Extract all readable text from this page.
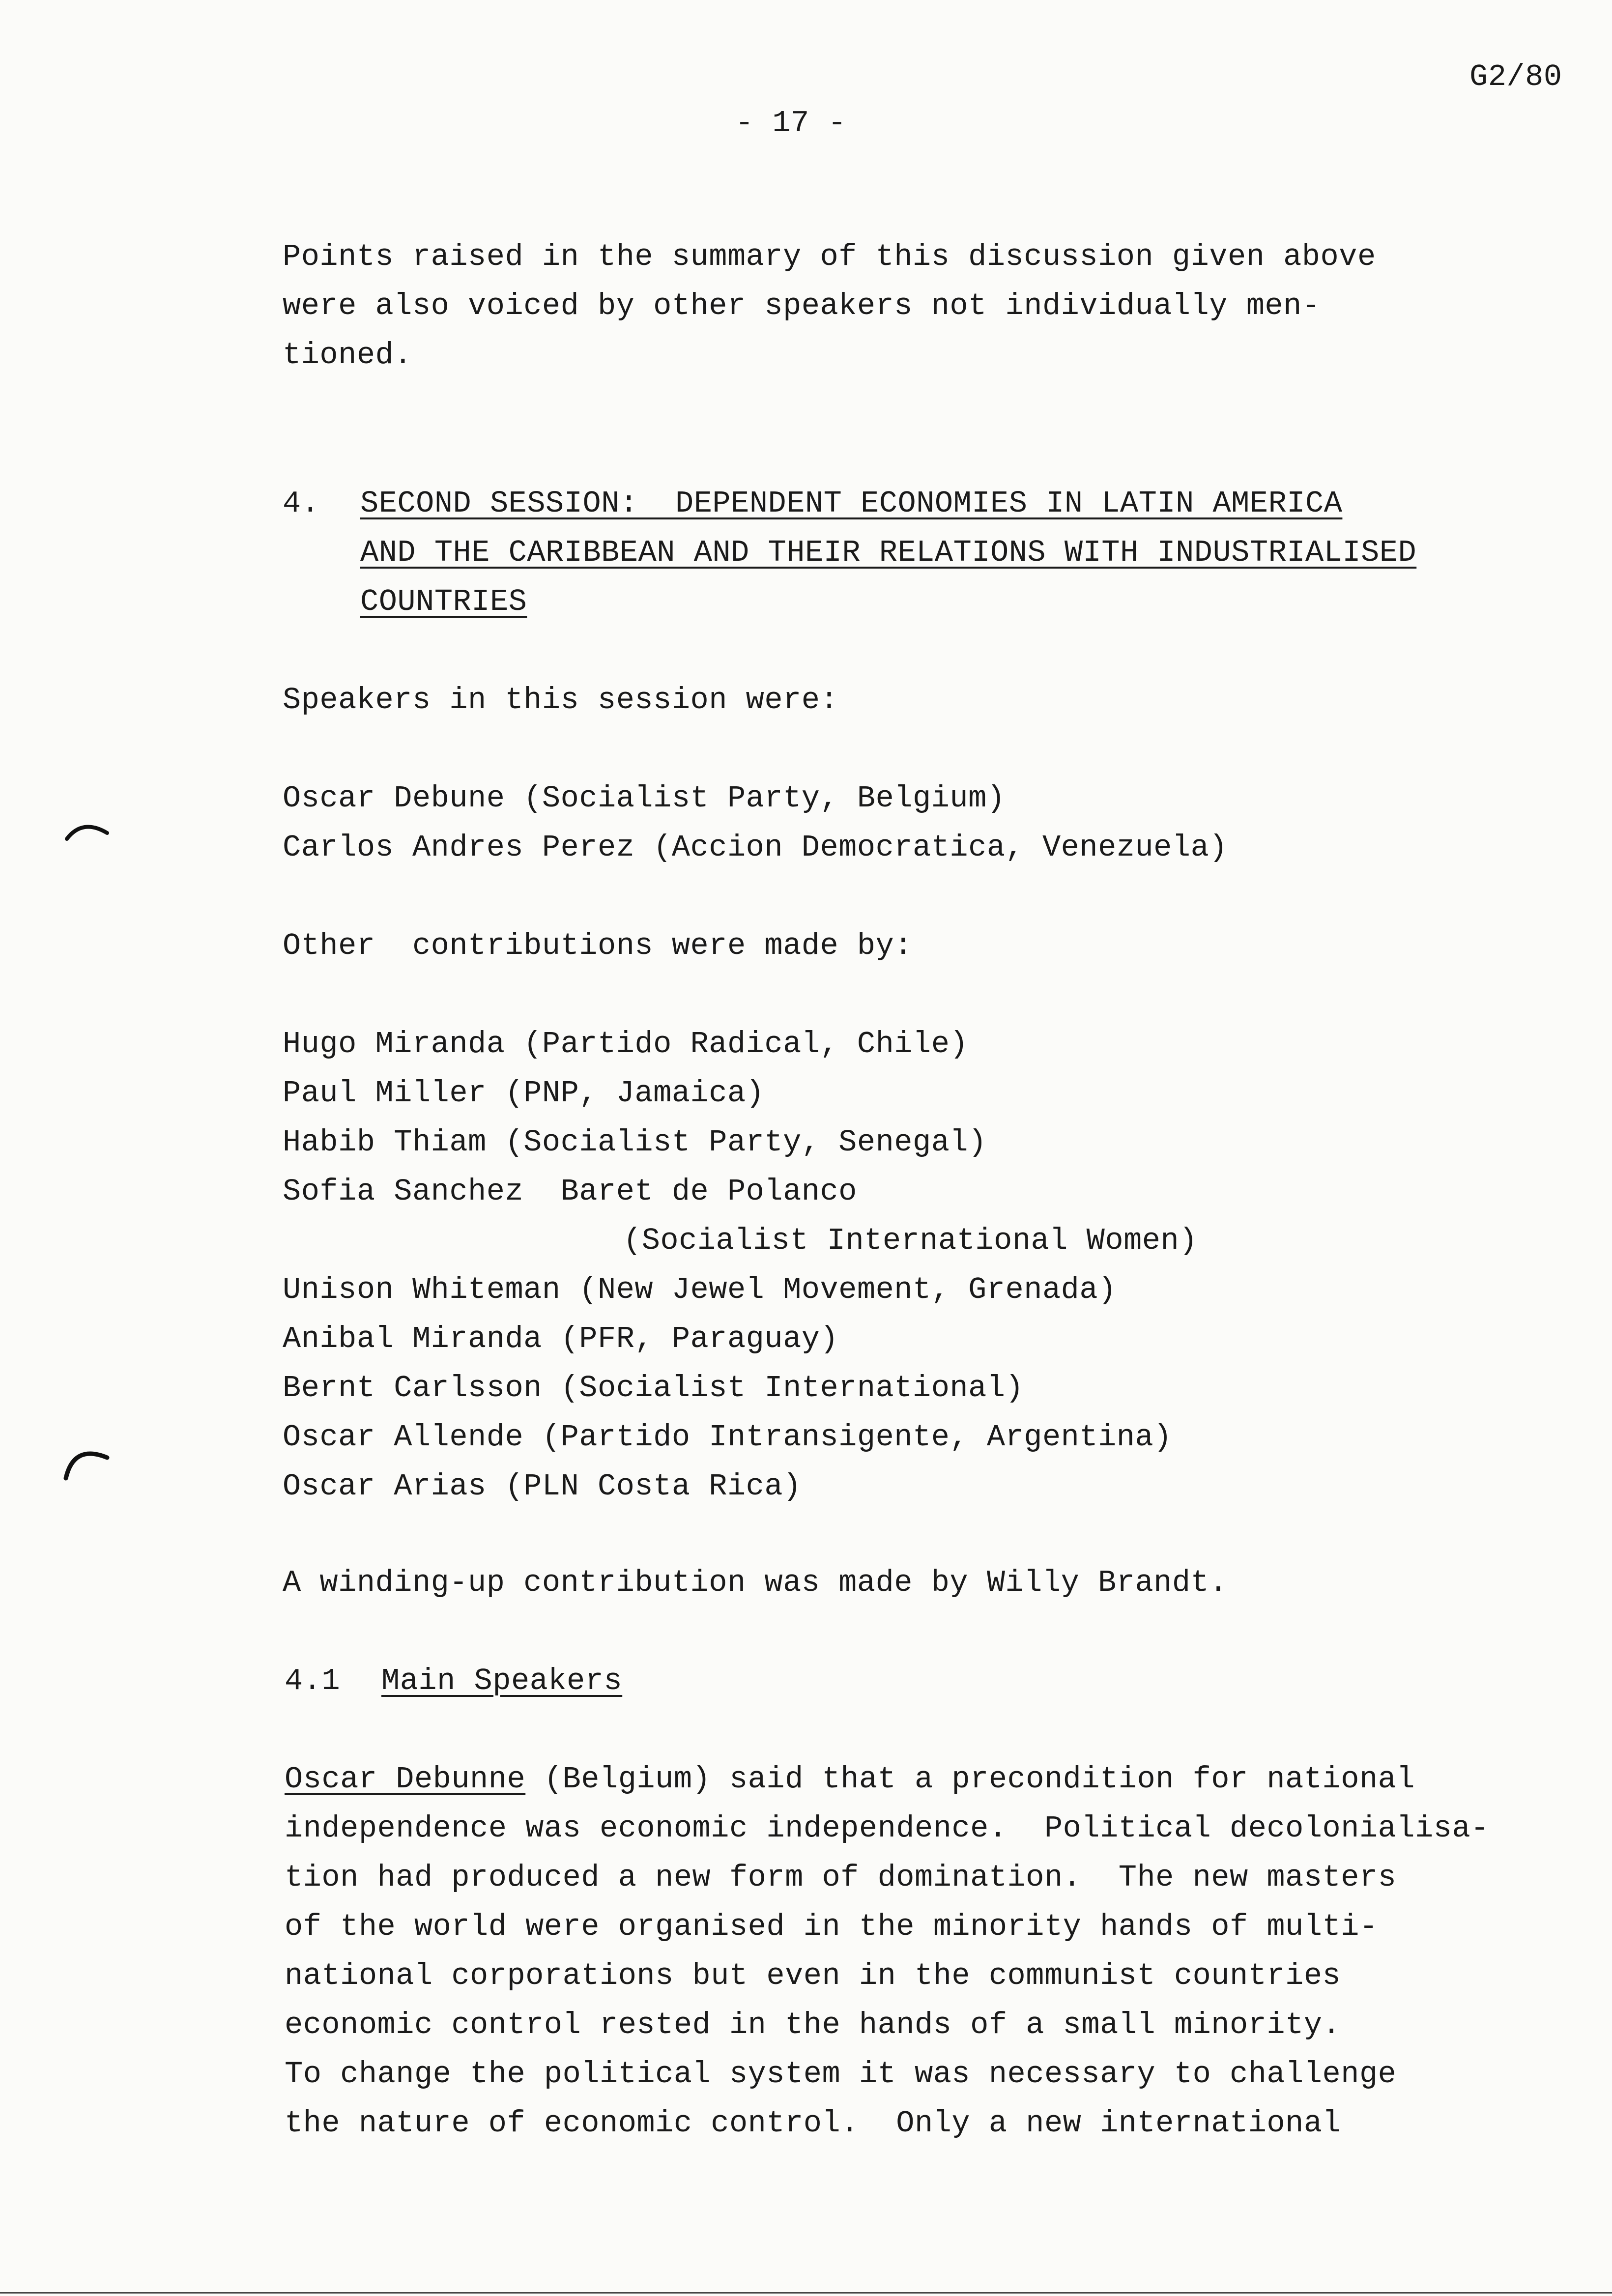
G2/80
- 17 -
Points raised in the summary of this discussion given above
were also voiced by other speakers not individually men-
tioned.
4. SECOND SESSION:  DEPENDENT ECONOMIES IN LATIN AMERICA
AND THE CARIBBEAN AND THEIR RELATIONS WITH INDUSTRIALISED
COUNTRIES
Speakers in this session were:
Oscar Debune (Socialist Party, Belgium)
Carlos Andres Perez (Accion Democratica, Venezuela)
Other  contributions were made by:
Hugo Miranda (Partido Radical, Chile)
Paul Miller (PNP, Jamaica)
Habib Thiam (Socialist Party, Senegal)
Sofia Sanchez  Baret de Polanco
(Socialist International Women)
Unison Whiteman (New Jewel Movement, Grenada)
Anibal Miranda (PFR, Paraguay)
Bernt Carlsson (Socialist International)
Oscar Allende (Partido Intransigente, Argentina)
Oscar Arias (PLN Costa Rica)
A winding-up contribution was made by Willy Brandt.
4.1 Main Speakers
Oscar Debunne (Belgium) said that a precondition for national
independence was economic independence.  Political decolonialisa-
tion had produced a new form of domination.  The new masters
of the world were organised in the minority hands of multi-
national corporations but even in the communist countries
economic control rested in the hands of a small minority.
To change the political system it was necessary to challenge
the nature of economic control.  Only a new international
